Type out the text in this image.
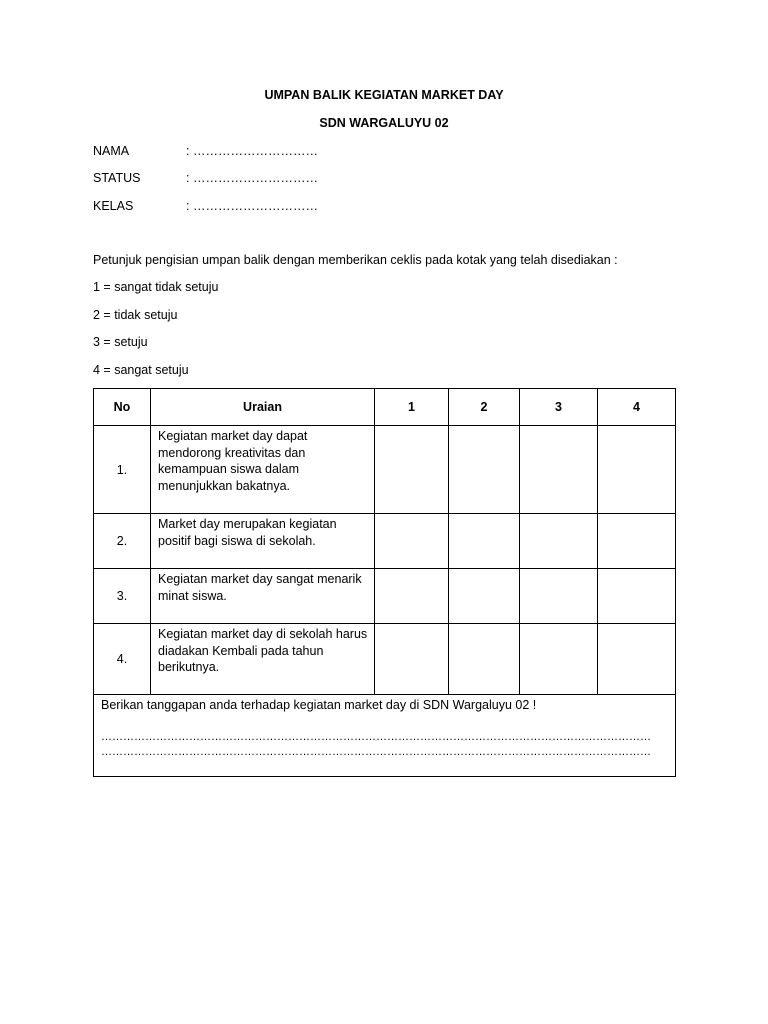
UMPAN BALIK KEGIATAN MARKET DAY
SDN WARGALUYU 02
NAMA	: …………………………
STATUS	: …………………………
KELAS	: …………………………
Petunjuk pengisian umpan balik dengan memberikan ceklis pada kotak yang telah disediakan :
1 = sangat tidak setuju
2 = tidak setuju
3 = setuju
4 = sangat setuju
No	Uraian	1	2	3	4
1.	Kegiatan market day dapat mendorong kreativitas dan kemampuan siswa dalam menunjukkan bakatnya.				
2.	Market day merupakan kegiatan positif bagi siswa di sekolah.				
3.	Kegiatan market day sangat menarik minat siswa.				
4.	Kegiatan market day di sekolah harus diadakan Kembali pada tahun berikutnya.				

Berikan tanggapan anda terhadap kegiatan market day di SDN Wargaluyu 02 !
……………………………………………………………………………………………………………………………………
……………………………………………………………………………………………………………………………………					
